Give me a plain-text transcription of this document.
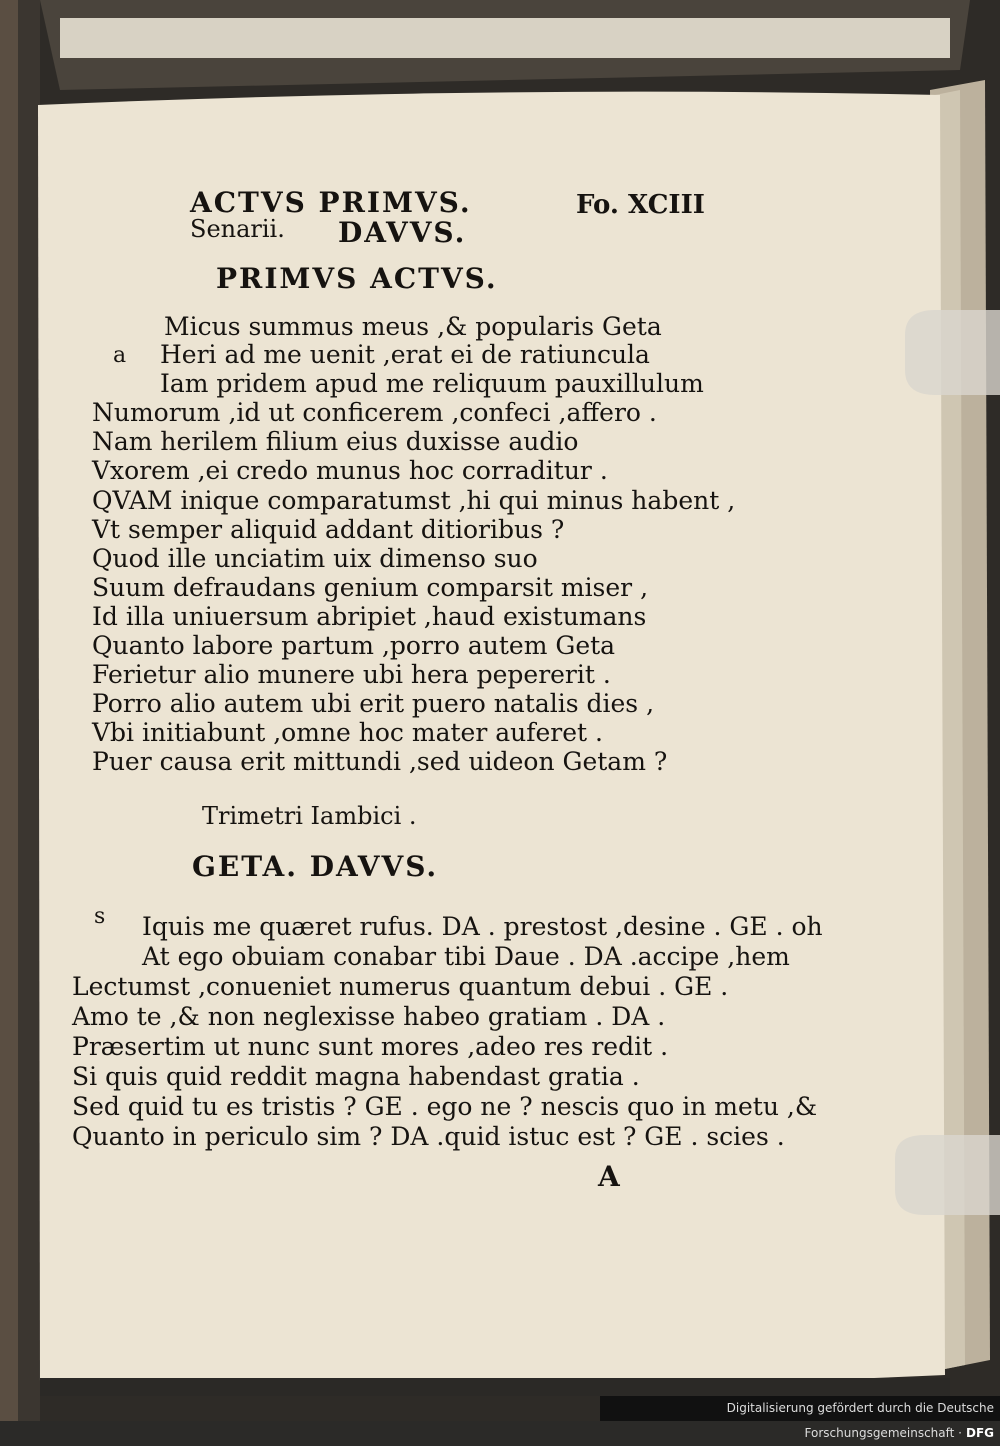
ACTVS PRIMVS.	Fo. XCIII
Senarii. DAVVS.
PRIMVS ACTVS.
a
Micus summus meus ,& popularis Geta
Heri ad me uenit ,erat ei de ratiuncula
Iam pridem apud me reliquum pauxillulum
Numorum ,id ut conficerem ,confeci ,affero .
Nam herilem filium eius duxisse audio
Vxorem ,ei credo munus hoc corraditur .
QVAM inique comparatumst ,hi qui minus habent ,
Vt semper aliquid addant ditioribus ?
Quod ille unciatim uix dimenso suo
Suum defraudans genium comparsit miser ,
Id illa uniuersum abripiet ,haud existumans
Quanto labore partum ,porro autem Geta
Ferietur alio munere ubi hera pepererit .
Porro alio autem ubi erit puero natalis dies ,
Vbi initiabunt ,omne hoc mater auferet .
Puer causa erit mittundi ,sed uideon Getam ?
Trimetri Iambici .
GETA. DAVVS.
s Iquis me quæret rufus. DA . prestost ,desine . GE . oh
At ego obuiam conabar tibi Daue . DA .accipe ,hem
Lectumst ,conueniet numerus quantum debui . GE .
Amo te ,& non neglexisse habeo gratiam . DA .
Præsertim ut nunc sunt mores ,adeo res redit .
Si quis quid reddit magna habendast gratia .
Sed quid tu es tristis ? GE . ego ne ? nescis quo in metu ,&
Quanto in periculo sim ? DA .quid istuc est ? GE . scies .
A
Digitalisierung gefördert durch die Deutsche Forschungsgemeinschaft · DFG
